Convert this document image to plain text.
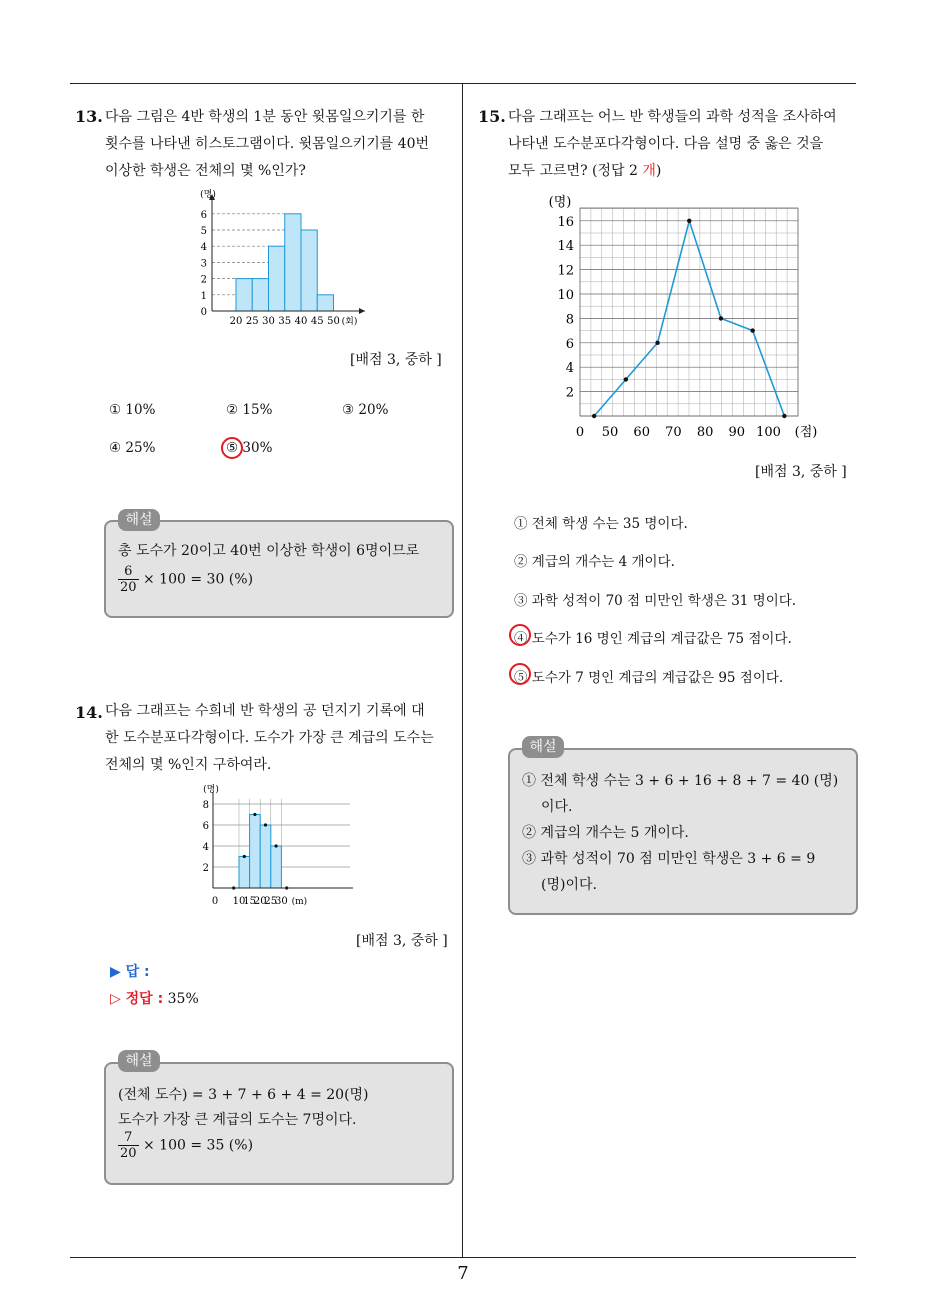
7
13. 다음 그림은 4반 학생의 1분 동안 윗몸일으키기를 한
횟수를 나타낸 히스토그램이다. 윗몸일으키기를 40번
이상한 학생은 전체의 몇 %인가?
0
1
2
3
4
5
6
(명)
20 25 30 35 40 45 50 (회)
[배점 3, 중하 ]
① 10%	② 15%	③ 20%
④ 25%	⑤ 30%
총 도수가 20이고 40번 이상한 학생이 6명이므로
$\frac{6}{20} \times 100 = 30$ (%)
해설
14. 다음 그래프는 수희네 반 학생의 공 던지기 기록에 대
한 도수분포다각형이다. 도수가 가장 큰 계급의 도수는
전체의 몇 %인지 구하여라.
2
4
6
8
(명)
0 10
15
20
25
30 (m)
[배점 3, 중하 ]
▶ 답 :
▷ 정답 : 35%
(전체 도수) = 3 + 7 + 6 + 4 = 20(명)
도수가 가장 큰 계급의 도수는 7명이다.
$\frac{7}{20} \times 100 = 35$ (%)
해설
15. 다음 그래프는 어느 반 학생들의 과학 성적을 조사하여
나타낸 도수분포다각형이다. 다음 설명 중 옳은 것을
모두 고르면? (정답 2 개)
2
4
6
8
10
12
14
16
(명)
0 50 60 70 80 90 100 (점)
[배점 3, 중하 ]
① 전체 학생 수는 35 명이다.
② 계급의 개수는 4 개이다.
③ 과학 성적이 70 점 미만인 학생은 31 명이다.
④ 도수가 16 명인 계급의 계급값은 75 점이다.
⑤ 도수가 7 명인 계급의 계급값은 95 점이다.
① 전체 학생 수는 3 + 6 + 16 + 8 + 7 = 40 (명)
이다.
② 계급의 개수는 5 개이다.
③ 과학 성적이 70 점 미만인 학생은 3 + 6 = 9
(명)이다.
해설
